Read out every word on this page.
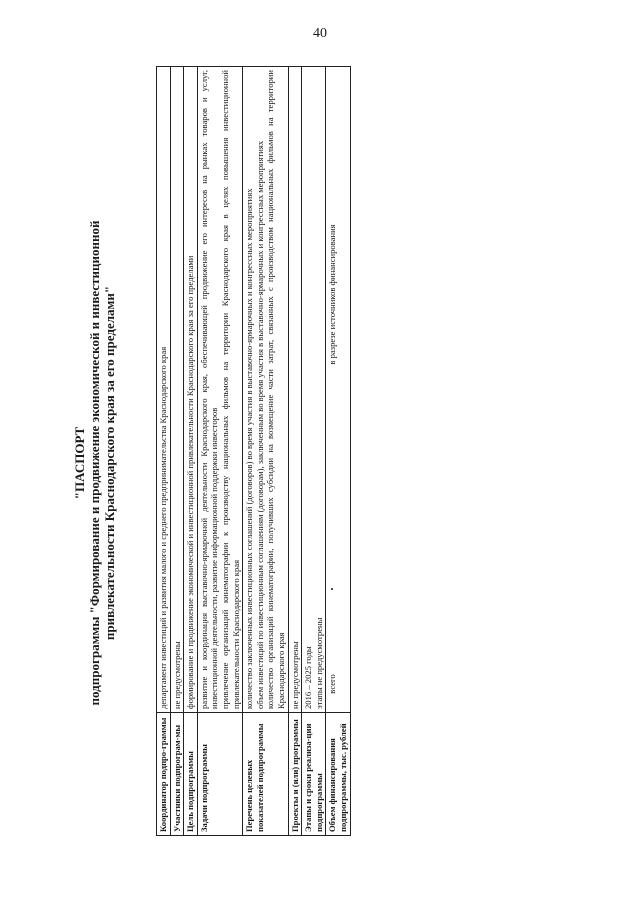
40
"ПАСПОРТ подпрограммы "Формирование и продвижение экономической и инвестиционной привлекательности Краснодарского края за его пределами"
Координатор подпро-граммы	
департамент инвестиций и развития малого и среднего предпринимательства Краснодарского края

Участники подпрограм-мы	
не предусмотрены

Цель подпрограммы	
формирование и продвижение экономической и инвестиционной привлекательности Краснодарского края за его пределами

Задачи подпрограммы	
развитие и координация выставочно-ярмарочной деятельности Краснодарского края, обеспечивающей продвижение его интересов на рынках товаров и услуг, инвестиционной деятельности, развитие информационной поддержки инвесторов привлечение организаций кинематографии к производству национальных фильмов на территории Краснодарского края в целях повышения инвестиционной привлекательности Краснодарского края

Перечень целевых показателей подпрограммы	
количество заключенных инвестиционных соглашений (договоров) во время участия в выставочно-ярмарочных и конгрессных мероприятиях объем инвестиций по инвестиционным соглашениям (договорам), заключенным во время участия в выставочно-ярмарочных и конгрессных мероприятиях количество организаций кинематографии, получивших субсидии на возмещение части затрат, связанных с производством национальных фильмов на территории Краснодарского края

Проекты и (или) программы	
не предусмотрены

Этапы и сроки реализа-ции подпрограммы	
2016 – 2025 годы этапы не предусмотрены

Объем финансирования подпрограммы, тыс. рублей	
всего	•	в разрезе источников финансирования
